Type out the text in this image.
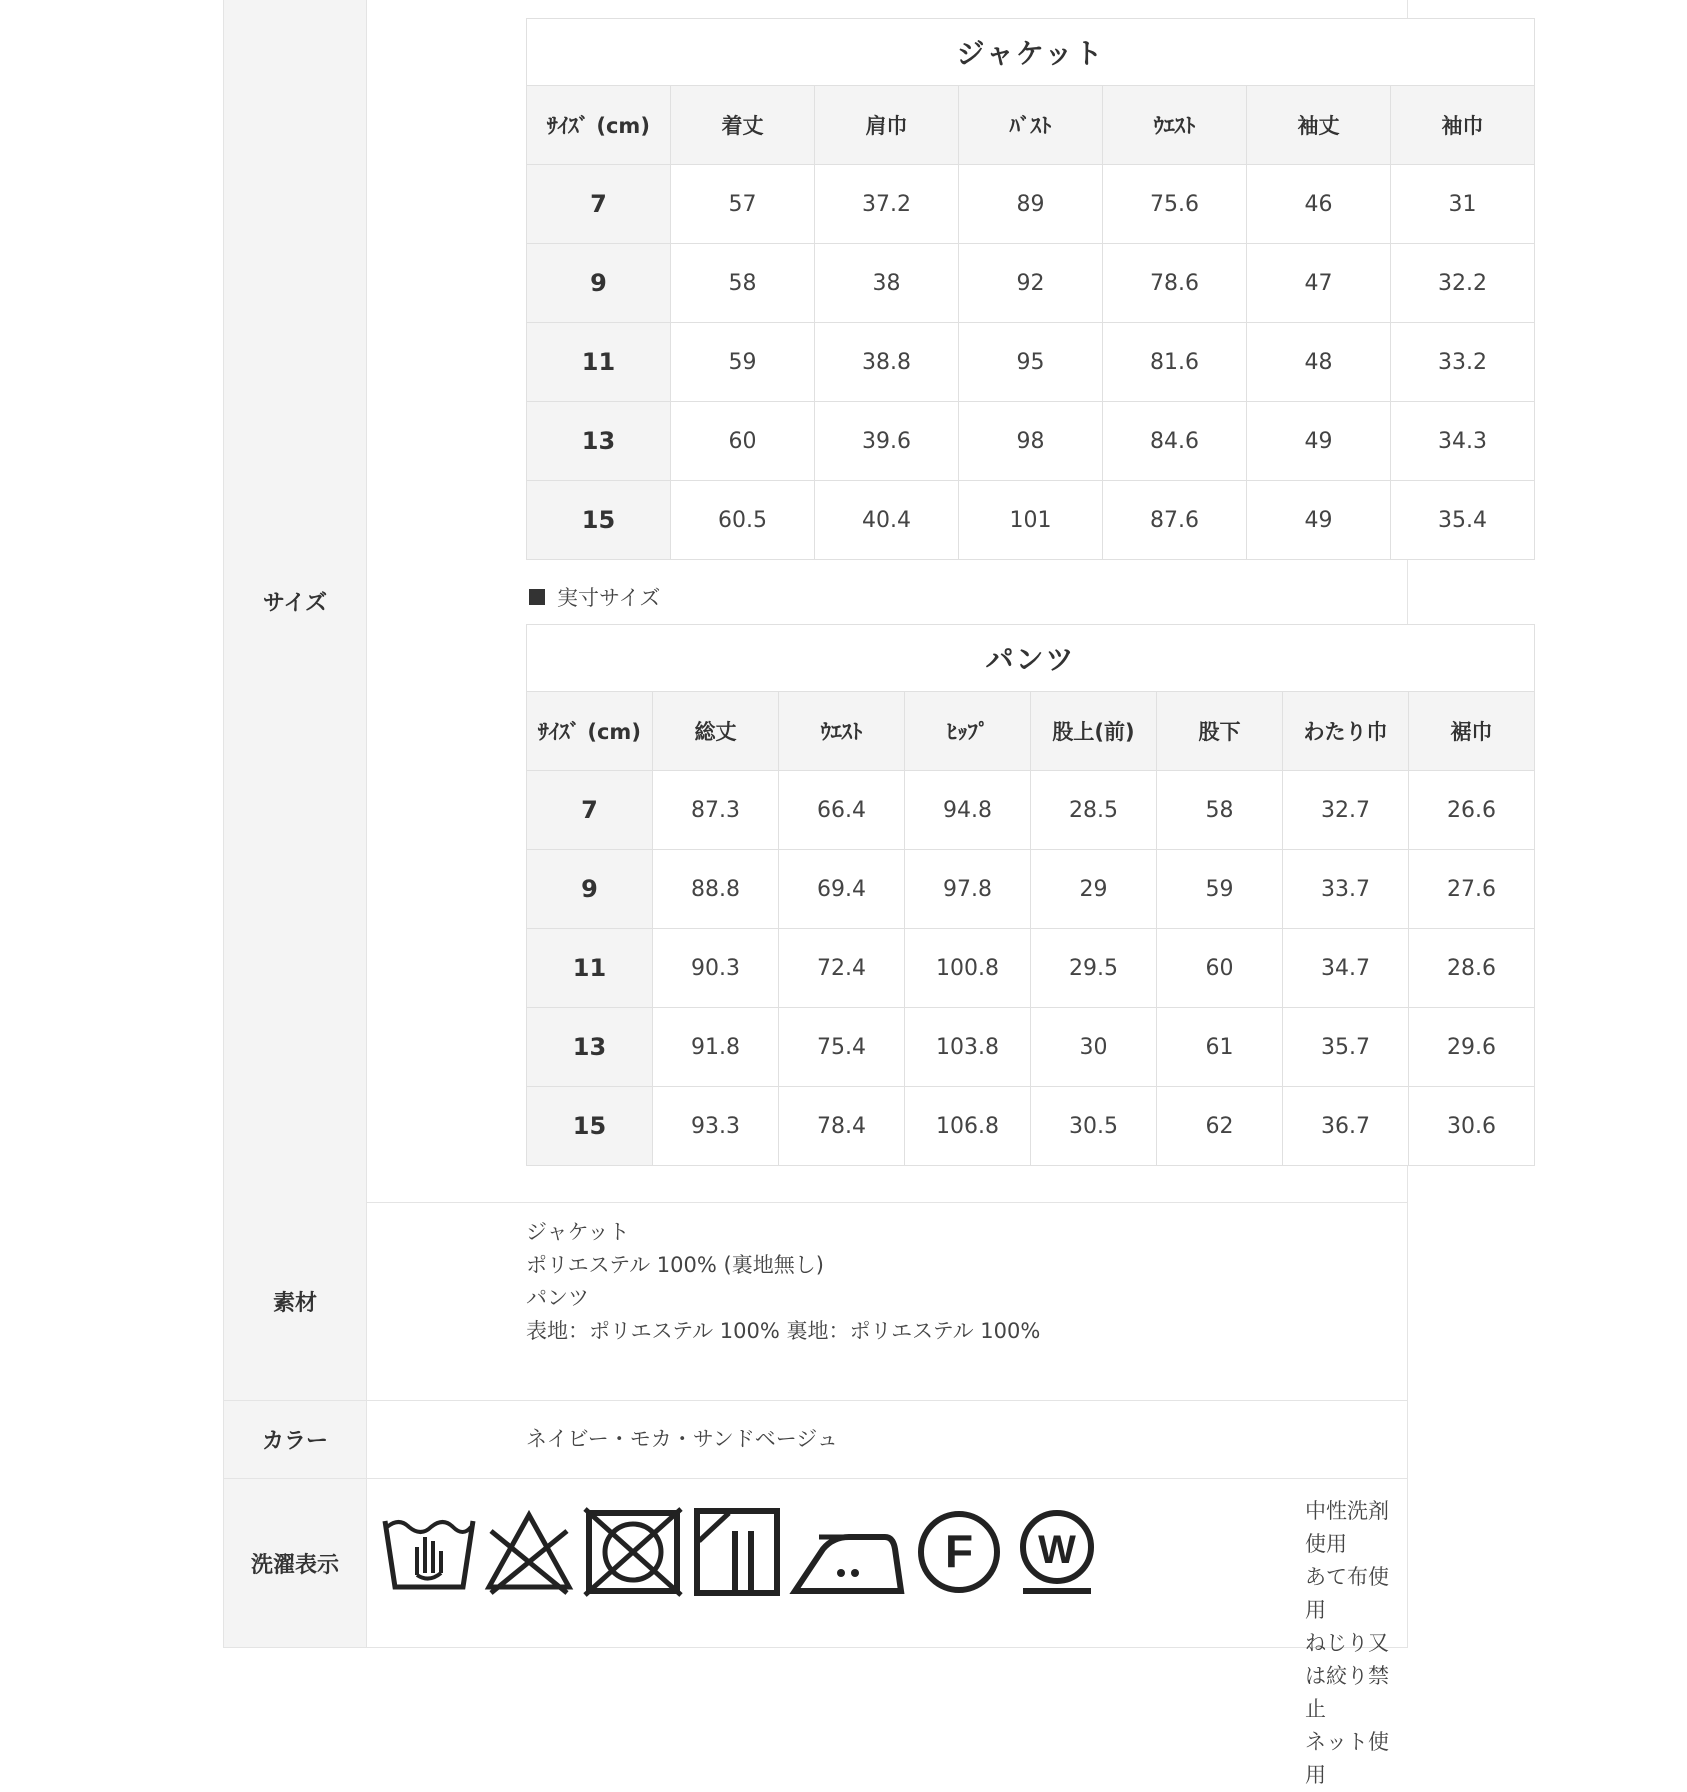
サイズ
ジャケット						
ｻｲｽﾞ (cm)	着丈	肩巾	ﾊﾞｽﾄ	ｳｴｽﾄ	袖丈	袖巾
7	57	37.2	89	75.6	46	31
9	58	38	92	78.6	47	32.2
11	59	38.8	95	81.6	48	33.2
13	60	39.6	98	84.6	49	34.3
15	60.5	40.4	101	87.6	49	35.4
実寸サイズ
パンツ							
ｻｲｽﾞ (cm)	総丈	ｳｴｽﾄ	ﾋｯﾌﾟ	股上(前)	股下	わたり巾	裾巾
7	87.3	66.4	94.8	28.5	58	32.7	26.6
9	88.8	69.4	97.8	29	59	33.7	27.6
11	90.3	72.4	100.8	29.5	60	34.7	28.6
13	91.8	75.4	103.8	30	61	35.7	29.6
15	93.3	78.4	106.8	30.5	62	36.7	30.6
素材
ジャケット
ポリエステル 100% (裏地無し)
パンツ
表地：ポリエステル 100% 裏地：ポリエステル 100%
カラー	ネイビー・モカ・サンドベージュ
洗濯表示	F W
中性洗剤使用
あて布使用
ねじり又は絞り禁止
ネット使用
